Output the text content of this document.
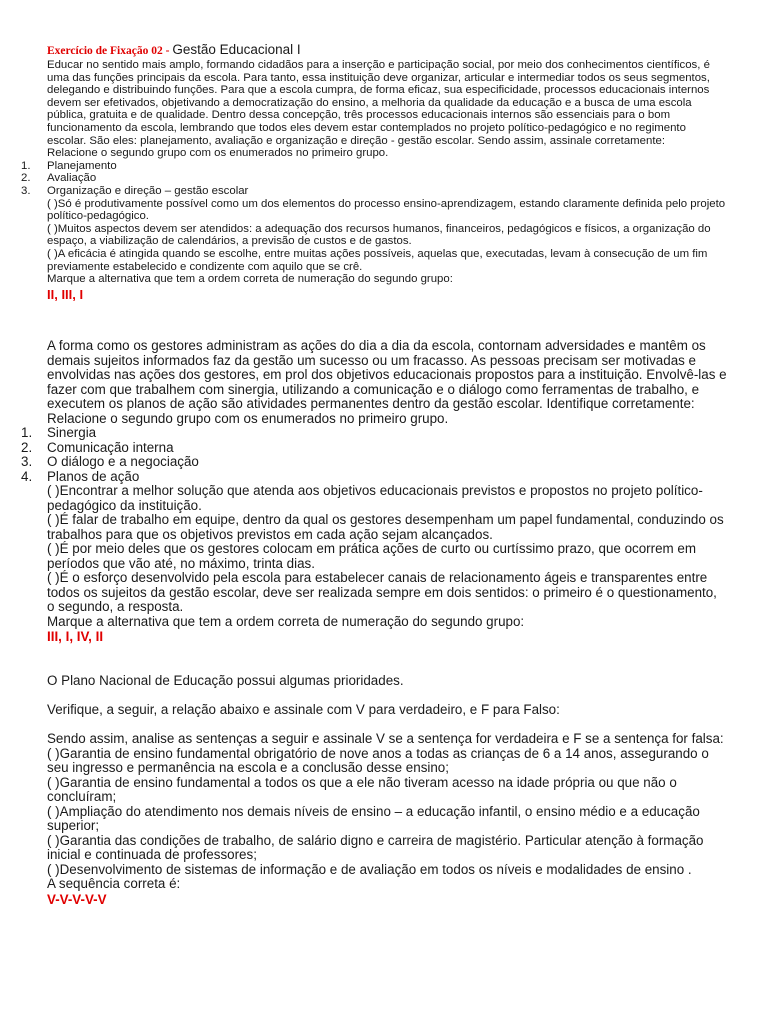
Exercício de Fixação 02 - Gestão Educacional I

Educar no sentido mais amplo, formando cidadãos para a inserção e participação social, por meio dos conhecimentos científicos, é uma das funções principais da escola. Para tanto, essa instituição deve organizar, articular e intermediar todos os seus segmentos, delegando e distribuindo funções. Para que a escola cumpra, de forma eficaz, sua especificidade, processos educacionais internos devem ser efetivados, objetivando a democratização do ensino, a melhoria da qualidade da educação e a busca de uma escola pública, gratuita e de qualidade. Dentro dessa concepção, três processos educacionais internos são essenciais para o bom funcionamento da escola, lembrando que todos eles devem estar contemplados no projeto político-pedagógico e no regimento escolar. São eles: planejamento, avaliação e organização e direção - gestão escolar. Sendo assim, assinale corretamente:

Relacione o segundo grupo com os enumerados no primeiro grupo.

1.	Planejamento
2.	Avaliação
3.	Organização e direção – gestão escolar

( )Só é produtivamente possível como um dos elementos do processo ensino-aprendizagem, estando claramente definida pelo projeto político-pedagógico.

( )Muitos aspectos devem ser atendidos: a adequação dos recursos humanos, financeiros, pedagógicos e físicos, a organização do espaço, a viabilização de calendários, a previsão de custos e de gastos.

( )A eficácia é atingida quando se escolhe, entre muitas ações possíveis, aquelas que, executadas, levam à consecução de um fim previamente estabelecido e condizente com aquilo que se crê.

Marque a alternativa que tem a ordem correta de numeração do segundo grupo:

II, III, I

A forma como os gestores administram as ações do dia a dia da escola, contornam adversidades e mantêm os demais sujeitos informados faz da gestão um sucesso ou um fracasso. As pessoas precisam ser motivadas e envolvidas nas ações dos gestores, em prol dos objetivos educacionais propostos para a instituição. Envolvê-las e fazer com que trabalhem com sinergia, utilizando a comunicação e o diálogo como ferramentas de trabalho, e executem os planos de ação são atividades permanentes dentro da gestão escolar. Identifique corretamente:

Relacione o segundo grupo com os enumerados no primeiro grupo.

1.	Sinergia
2.	Comunicação interna
3.	O diálogo e a negociação
4.	Planos de ação

( )Encontrar a melhor solução que atenda aos objetivos educacionais previstos e propostos no projeto político-pedagógico da instituição.

( )É falar de trabalho em equipe, dentro da qual os gestores desempenham um papel fundamental, conduzindo os trabalhos para que os objetivos previstos em cada ação sejam alcançados.

( )É por meio deles que os gestores colocam em prática ações de curto ou curtíssimo prazo, que ocorrem em períodos que vão até, no máximo, trinta dias.

( )É o esforço desenvolvido pela escola para estabelecer canais de relacionamento ágeis e transparentes entre todos os sujeitos da gestão escolar, deve ser realizada sempre em dois sentidos: o primeiro é o questionamento, o segundo, a resposta.

Marque a alternativa que tem a ordem correta de numeração do segundo grupo:

III, I, IV, II

O Plano Nacional de Educação possui algumas prioridades.

Verifique, a seguir, a relação abaixo e assinale com V para verdadeiro, e F para Falso:

Sendo assim, analise as sentenças a seguir e assinale V se a sentença for verdadeira e F se a sentença for falsa:

( )Garantia de ensino fundamental obrigatório de nove anos a todas as crianças de 6 a 14 anos, assegurando o seu ingresso e permanência na escola e a conclusão desse ensino;

( )Garantia de ensino fundamental a todos os que a ele não tiveram acesso na idade própria ou que não o concluíram;

( )Ampliação do atendimento nos demais níveis de ensino – a educação infantil, o ensino médio e a educação superior;

( )Garantia das condições de trabalho, de salário digno e carreira de magistério. Particular atenção à formação inicial e continuada de professores;

( )Desenvolvimento de sistemas de informação e de avaliação em todos os níveis e modalidades de ensino .

A sequência correta é:

V-V-V-V-V
